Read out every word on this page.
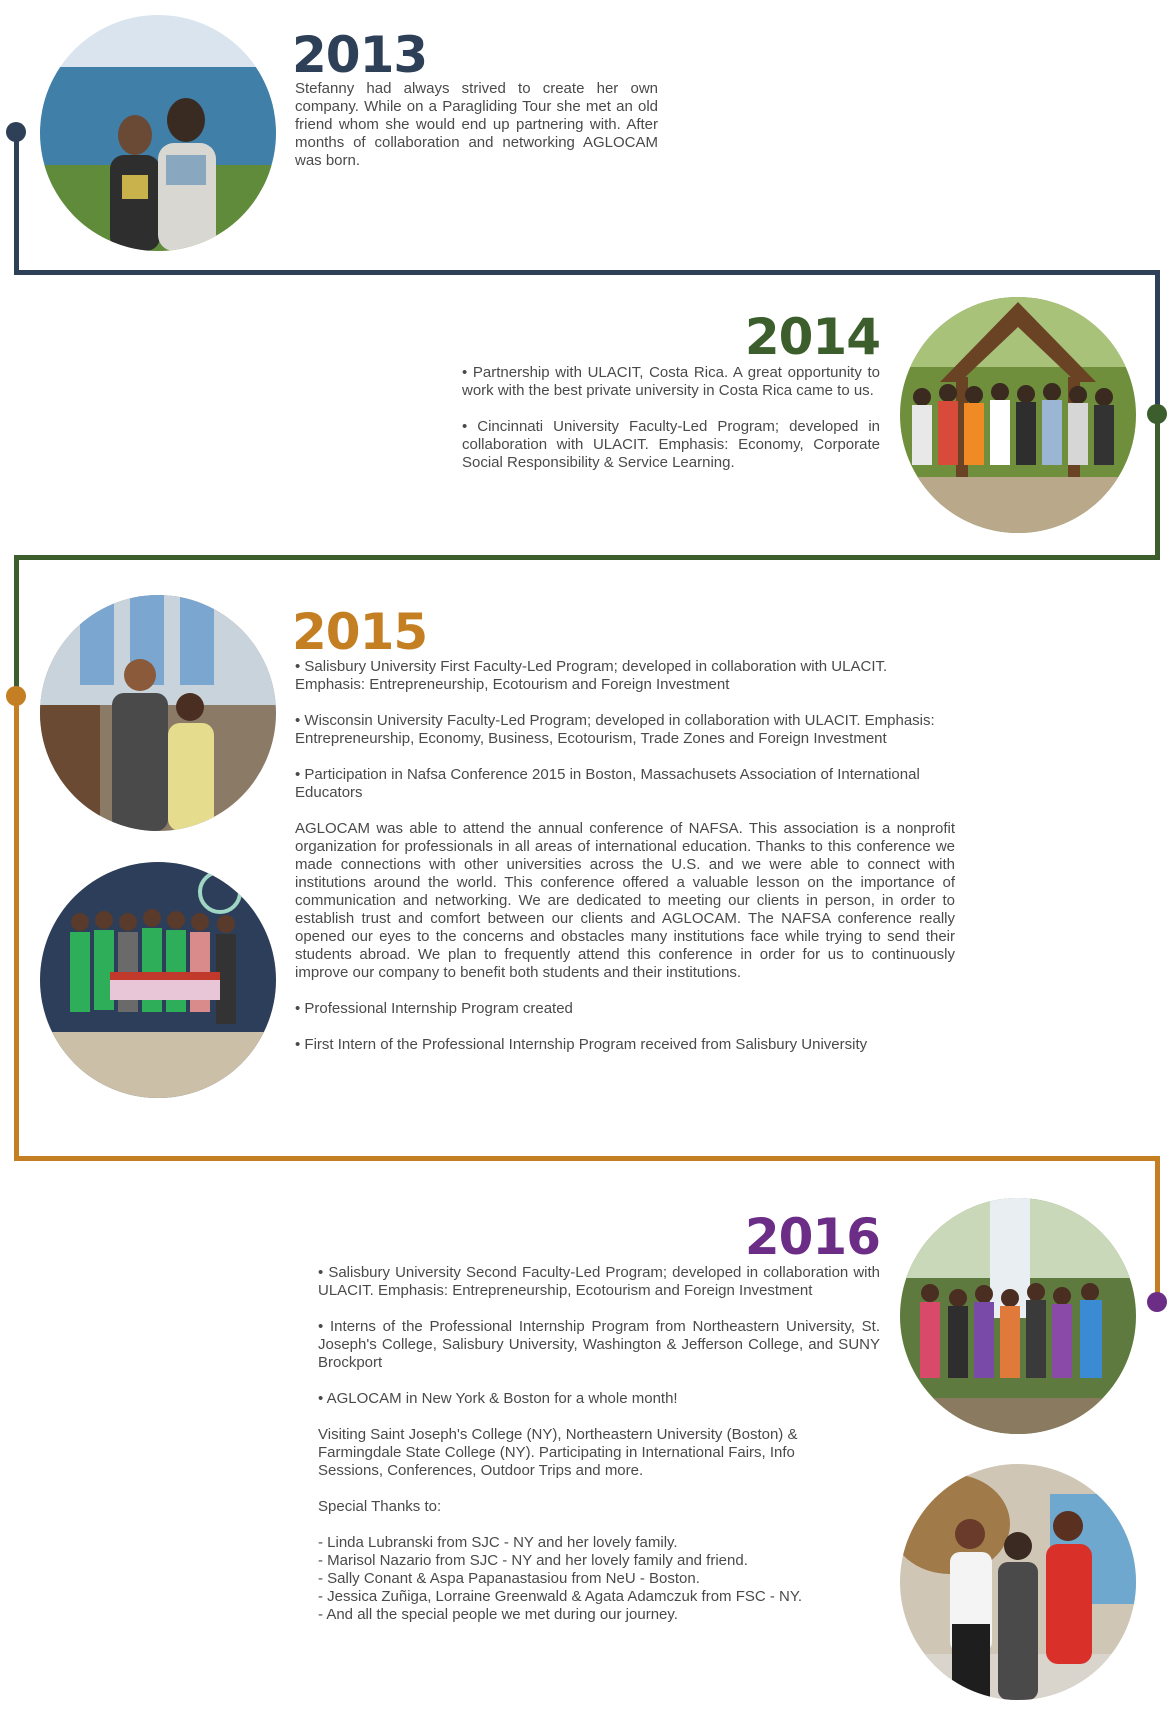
2013

Stefanny had always strived to create her own company. While on a Paragliding Tour she met an old friend whom she would end up partnering with. After months of collaboration and networking AGLOCAM was born.

2014

• Partnership with ULACIT, Costa Rica. A great opportunity to work with the best private university in Costa Rica came to us.

• Cincinnati University Faculty-Led Program; developed in collaboration with ULACIT. Emphasis: Economy, Corporate Social Responsibility & Service Learning.

2015

• Salisbury University First Faculty-Led Program; developed in collaboration with ULACIT. Emphasis: Entrepreneurship, Ecotourism and Foreign Investment

• Wisconsin University Faculty-Led Program; developed in collaboration with ULACIT. Emphasis: Entrepreneurship, Economy, Business, Ecotourism, Trade Zones and Foreign Investment

• Participation in Nafsa Conference 2015 in Boston, Massachusets Association of International Educators

AGLOCAM was able to attend the annual conference of NAFSA. This association is a nonprofit organization for professionals in all areas of international education. Thanks to this conference we made connections with other universities across the U.S. and we were able to connect with institutions around the world. This conference offered a valuable lesson on the importance of communication and networking. We are dedicated to meeting our clients in person, in order to establish trust and comfort between our clients and AGLOCAM. The NAFSA conference really opened our eyes to the concerns and obstacles many institutions face while trying to send their students abroad. We plan to frequently attend this conference in order for us to continuously improve our company to benefit both students and their institutions.

• Professional Internship Program created

• First Intern of the Professional Internship Program received from Salisbury University

2016

• Salisbury University Second Faculty-Led Program; developed in collaboration with ULACIT. Emphasis: Entrepreneurship, Ecotourism and Foreign Investment

• Interns of the Professional Internship Program from Northeastern University, St. Joseph's College, Salisbury University, Washington & Jefferson College, and SUNY Brockport

• AGLOCAM in New York & Boston for a whole month!

Visiting Saint Joseph's College (NY), Northeastern University (Boston) & Farmingdale State College (NY). Participating in International Fairs, Info Sessions, Conferences, Outdoor Trips and more.

Special Thanks to:

- Linda Lubranski from SJC - NY and her lovely family.
- Marisol Nazario from SJC - NY and her lovely family and friend.
- Sally Conant & Aspa Papanastasiou from NeU - Boston.
- Jessica Zuñiga, Lorraine Greenwald & Agata Adamczuk from FSC - NY.
- And all the special people we met during our journey.
